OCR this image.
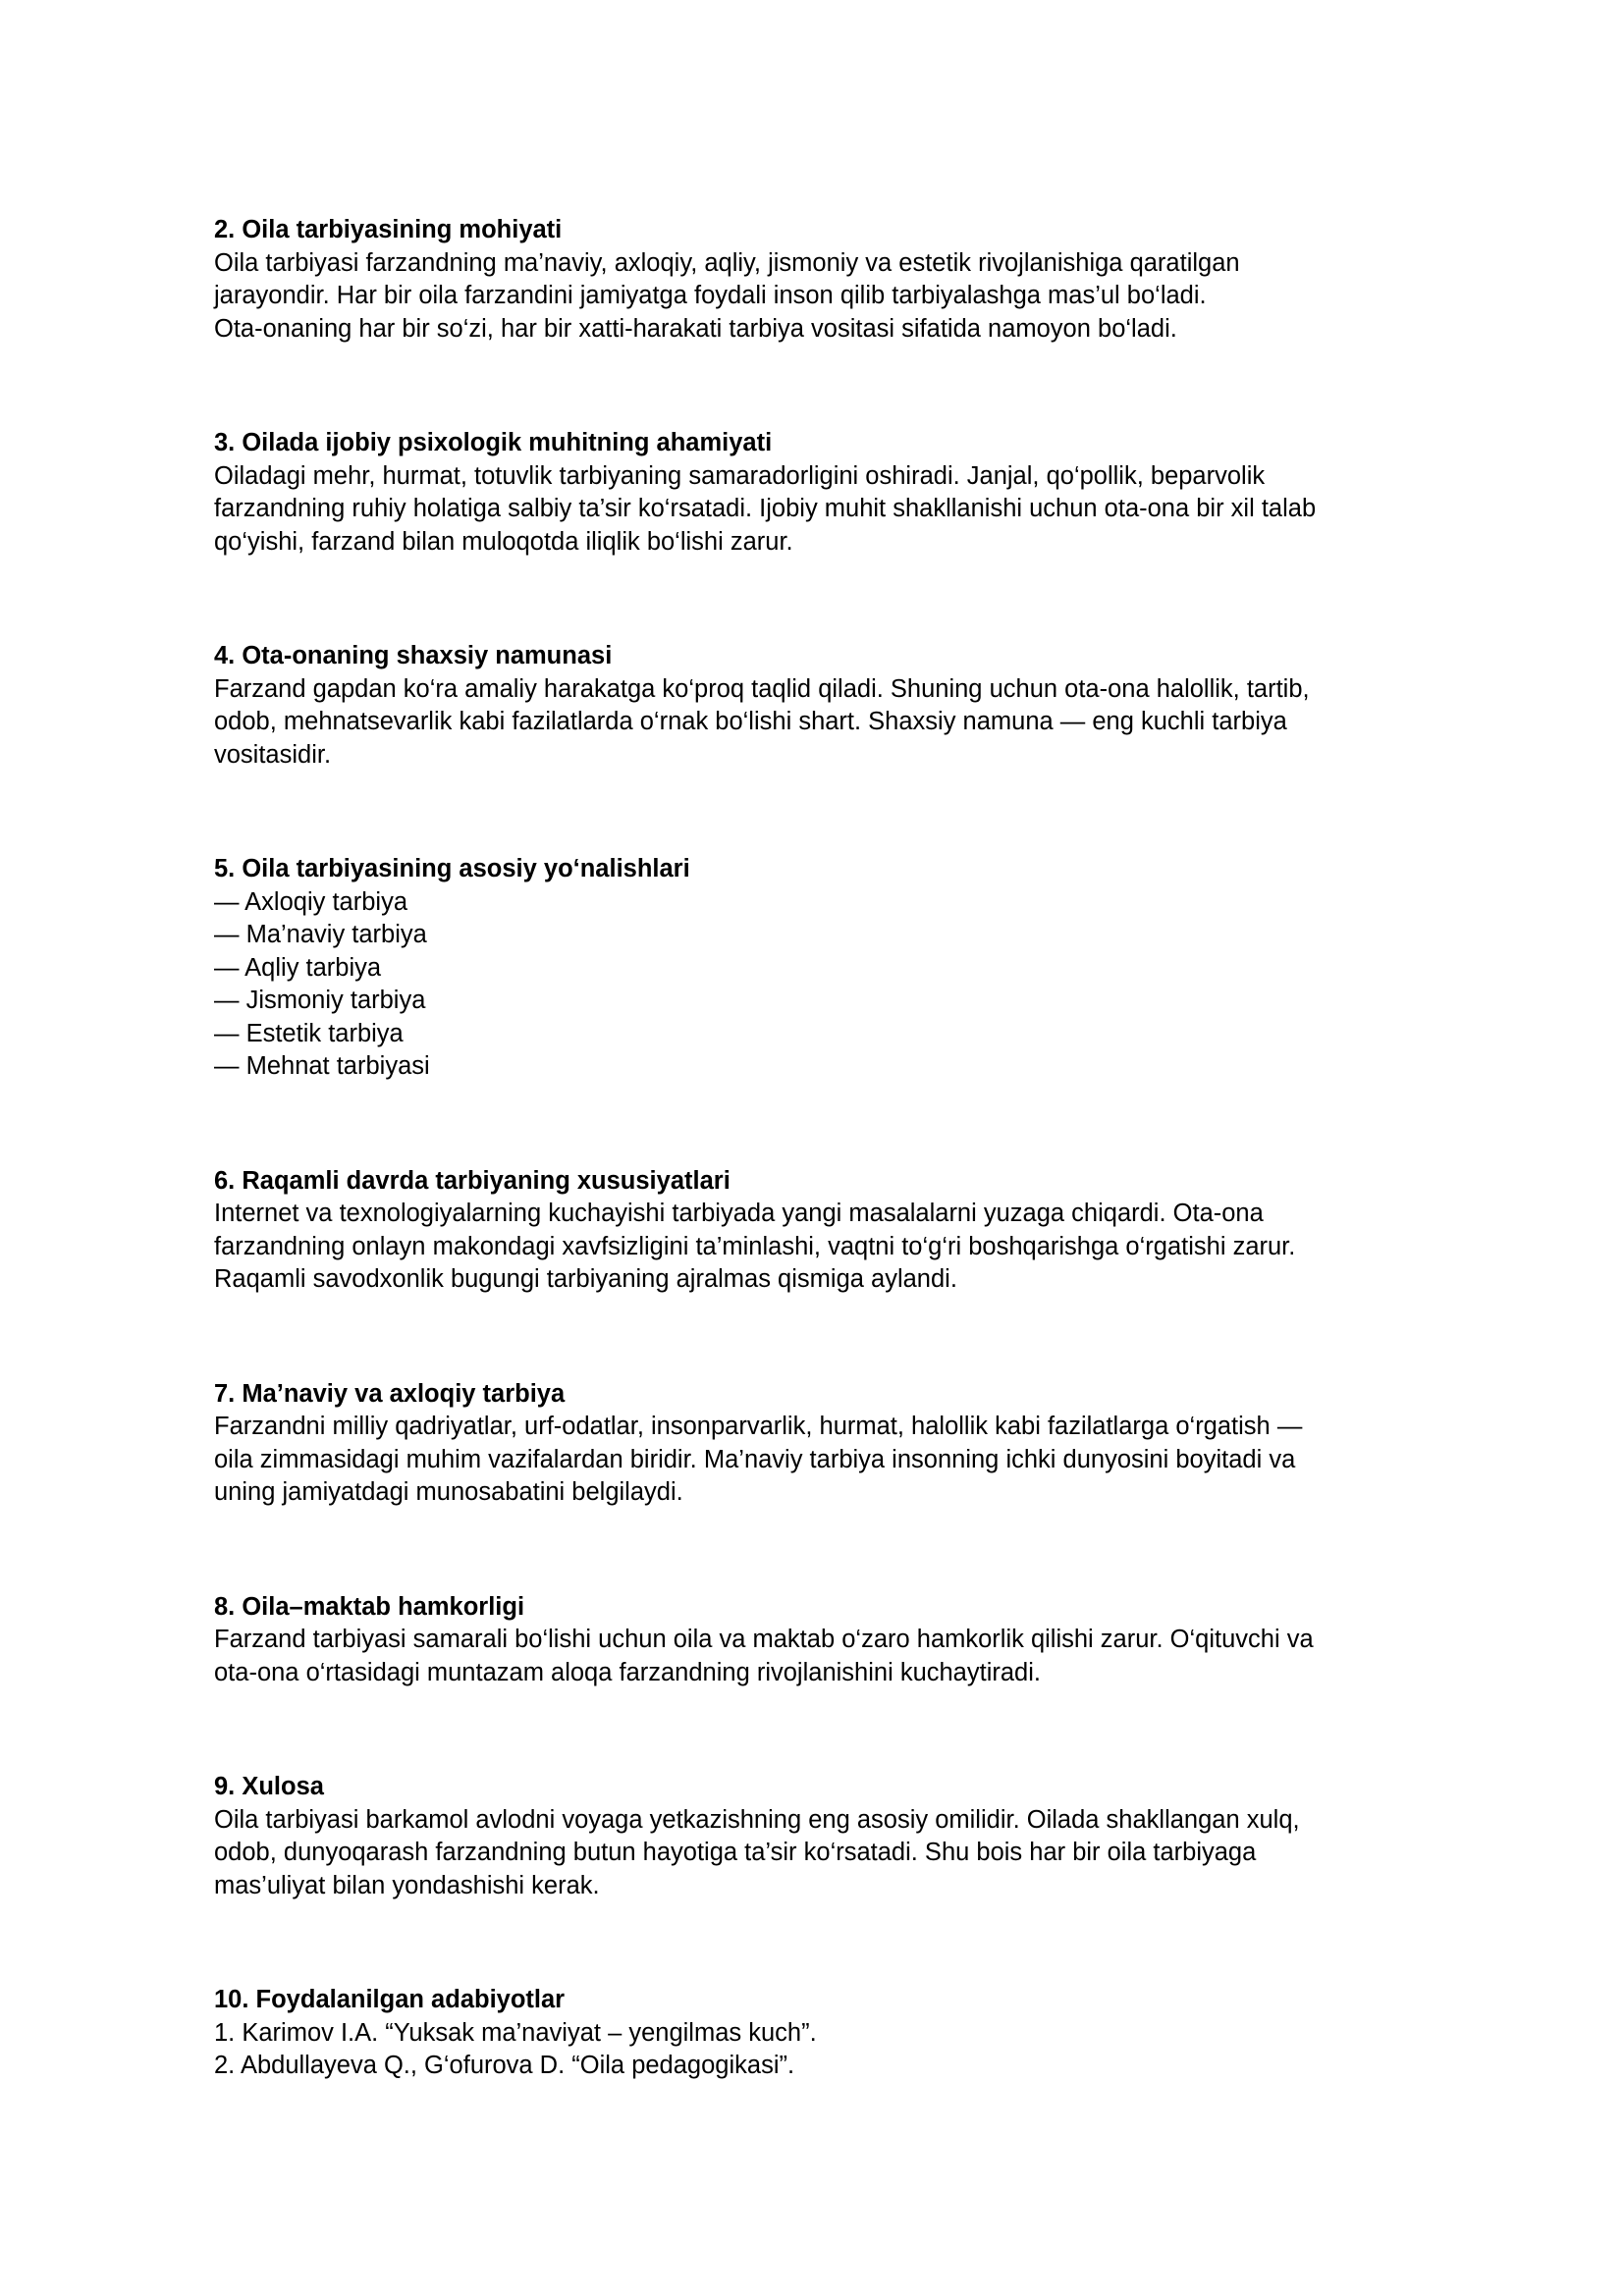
2. Oila tarbiyasining mohiyati

Oila tarbiyasi farzandning ma’naviy, axloqiy, aqliy, jismoniy va estetik rivojlanishiga qaratilgan
jarayondir. Har bir oila farzandini jamiyatga foydali inson qilib tarbiyalashga mas’ul bo‘ladi.
Ota-onaning har bir so‘zi, har bir xatti-harakati tarbiya vositasi sifatida namoyon bo‘ladi.

3. Oilada ijobiy psixologik muhitning ahamiyati

Oiladagi mehr, hurmat, totuvlik tarbiyaning samaradorligini oshiradi. Janjal, qo‘pollik, beparvolik
farzandning ruhiy holatiga salbiy ta’sir ko‘rsatadi. Ijobiy muhit shakllanishi uchun ota-ona bir xil talab
qo‘yishi, farzand bilan muloqotda iliqlik bo‘lishi zarur.

4. Ota-onaning shaxsiy namunasi

Farzand gapdan ko‘ra amaliy harakatga ko‘proq taqlid qiladi. Shuning uchun ota-ona halollik, tartib,
odob, mehnatsevarlik kabi fazilatlarda o‘rnak bo‘lishi shart. Shaxsiy namuna — eng kuchli tarbiya
vositasidir.

5. Oila tarbiyasining asosiy yo‘nalishlari

— Axloqiy tarbiya
— Ma’naviy tarbiya
— Aqliy tarbiya
— Jismoniy tarbiya
— Estetik tarbiya
— Mehnat tarbiyasi

6. Raqamli davrda tarbiyaning xususiyatlari

Internet va texnologiyalarning kuchayishi tarbiyada yangi masalalarni yuzaga chiqardi. Ota-ona
farzandning onlayn makondagi xavfsizligini ta’minlashi, vaqtni to‘g‘ri boshqarishga o‘rgatishi zarur.
Raqamli savodxonlik bugungi tarbiyaning ajralmas qismiga aylandi.

7. Ma’naviy va axloqiy tarbiya

Farzandni milliy qadriyatlar, urf-odatlar, insonparvarlik, hurmat, halollik kabi fazilatlarga o‘rgatish —
oila zimmasidagi muhim vazifalardan biridir. Ma’naviy tarbiya insonning ichki dunyosini boyitadi va
uning jamiyatdagi munosabatini belgilaydi.

8. Oila–maktab hamkorligi

Farzand tarbiyasi samarali bo‘lishi uchun oila va maktab o‘zaro hamkorlik qilishi zarur. O‘qituvchi va
ota-ona o‘rtasidagi muntazam aloqa farzandning rivojlanishini kuchaytiradi.

9. Xulosa

Oila tarbiyasi barkamol avlodni voyaga yetkazishning eng asosiy omilidir. Oilada shakllangan xulq,
odob, dunyoqarash farzandning butun hayotiga ta’sir ko‘rsatadi. Shu bois har bir oila tarbiyaga
mas’uliyat bilan yondashishi kerak.

10. Foydalanilgan adabiyotlar

1. Karimov I.A. “Yuksak ma’naviyat – yengilmas kuch”.
2. Abdullayeva Q., G‘ofurova D. “Oila pedagogikasi”.
